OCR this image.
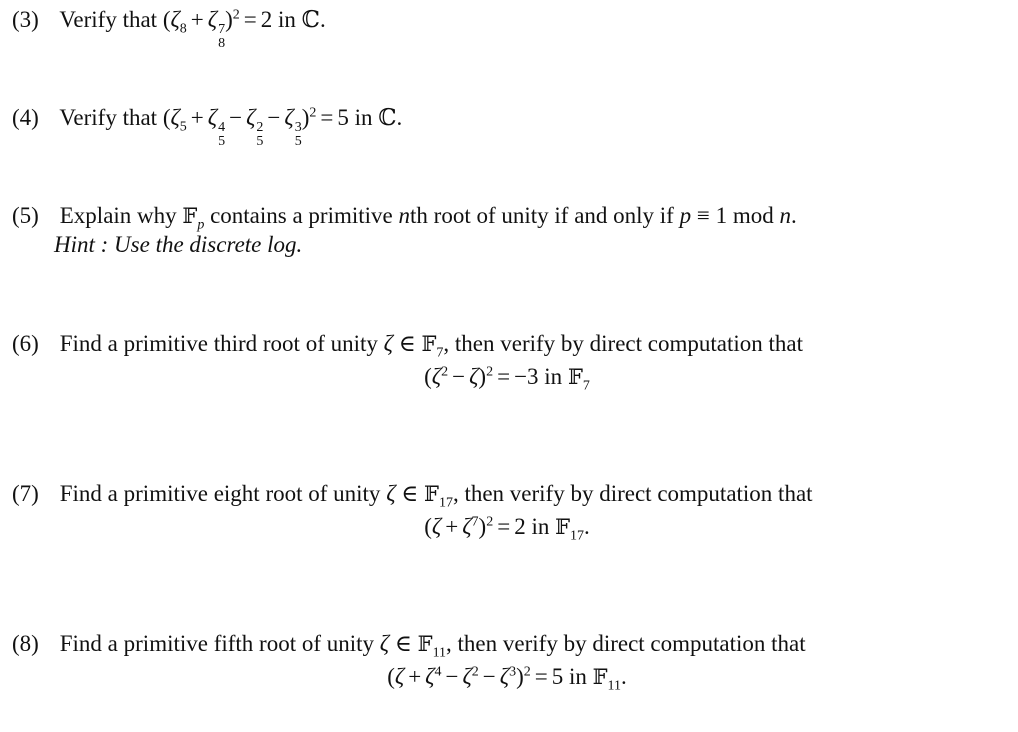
(3) Verify that ($\zeta_8 + \zeta$ 7
8
)$^2$ = 2 in ℂ.
(4) Verify that ($\zeta_5 + \zeta$ 4
5
− ζ 2
5
− ζ 3
5
)$^2$ = 5 in ℂ.
(5) Explain why 𝔽$_p$ contains a primitive nth root of unity if and only if p ≡ 1 mod n.
Hint : Use the discrete log.
(6) Find a primitive third root of unity ζ ∈ 𝔽$_7$, then verify by direct computation that
$(\zeta^2 - \zeta)^2 = -3$ in 𝔽$_7$
(7) Find a primitive eight root of unity ζ ∈ 𝔽$_{17}$, then verify by direct computation that
$(\zeta + \zeta^7)^2 = 2$ in 𝔽$_{17}$.
(8) Find a primitive fifth root of unity ζ ∈ 𝔽$_{11}$, then verify by direct computation that
$(\zeta + \zeta^4 - \zeta^2 - \zeta^3)^2 = 5$ in 𝔽$_{11}$.
